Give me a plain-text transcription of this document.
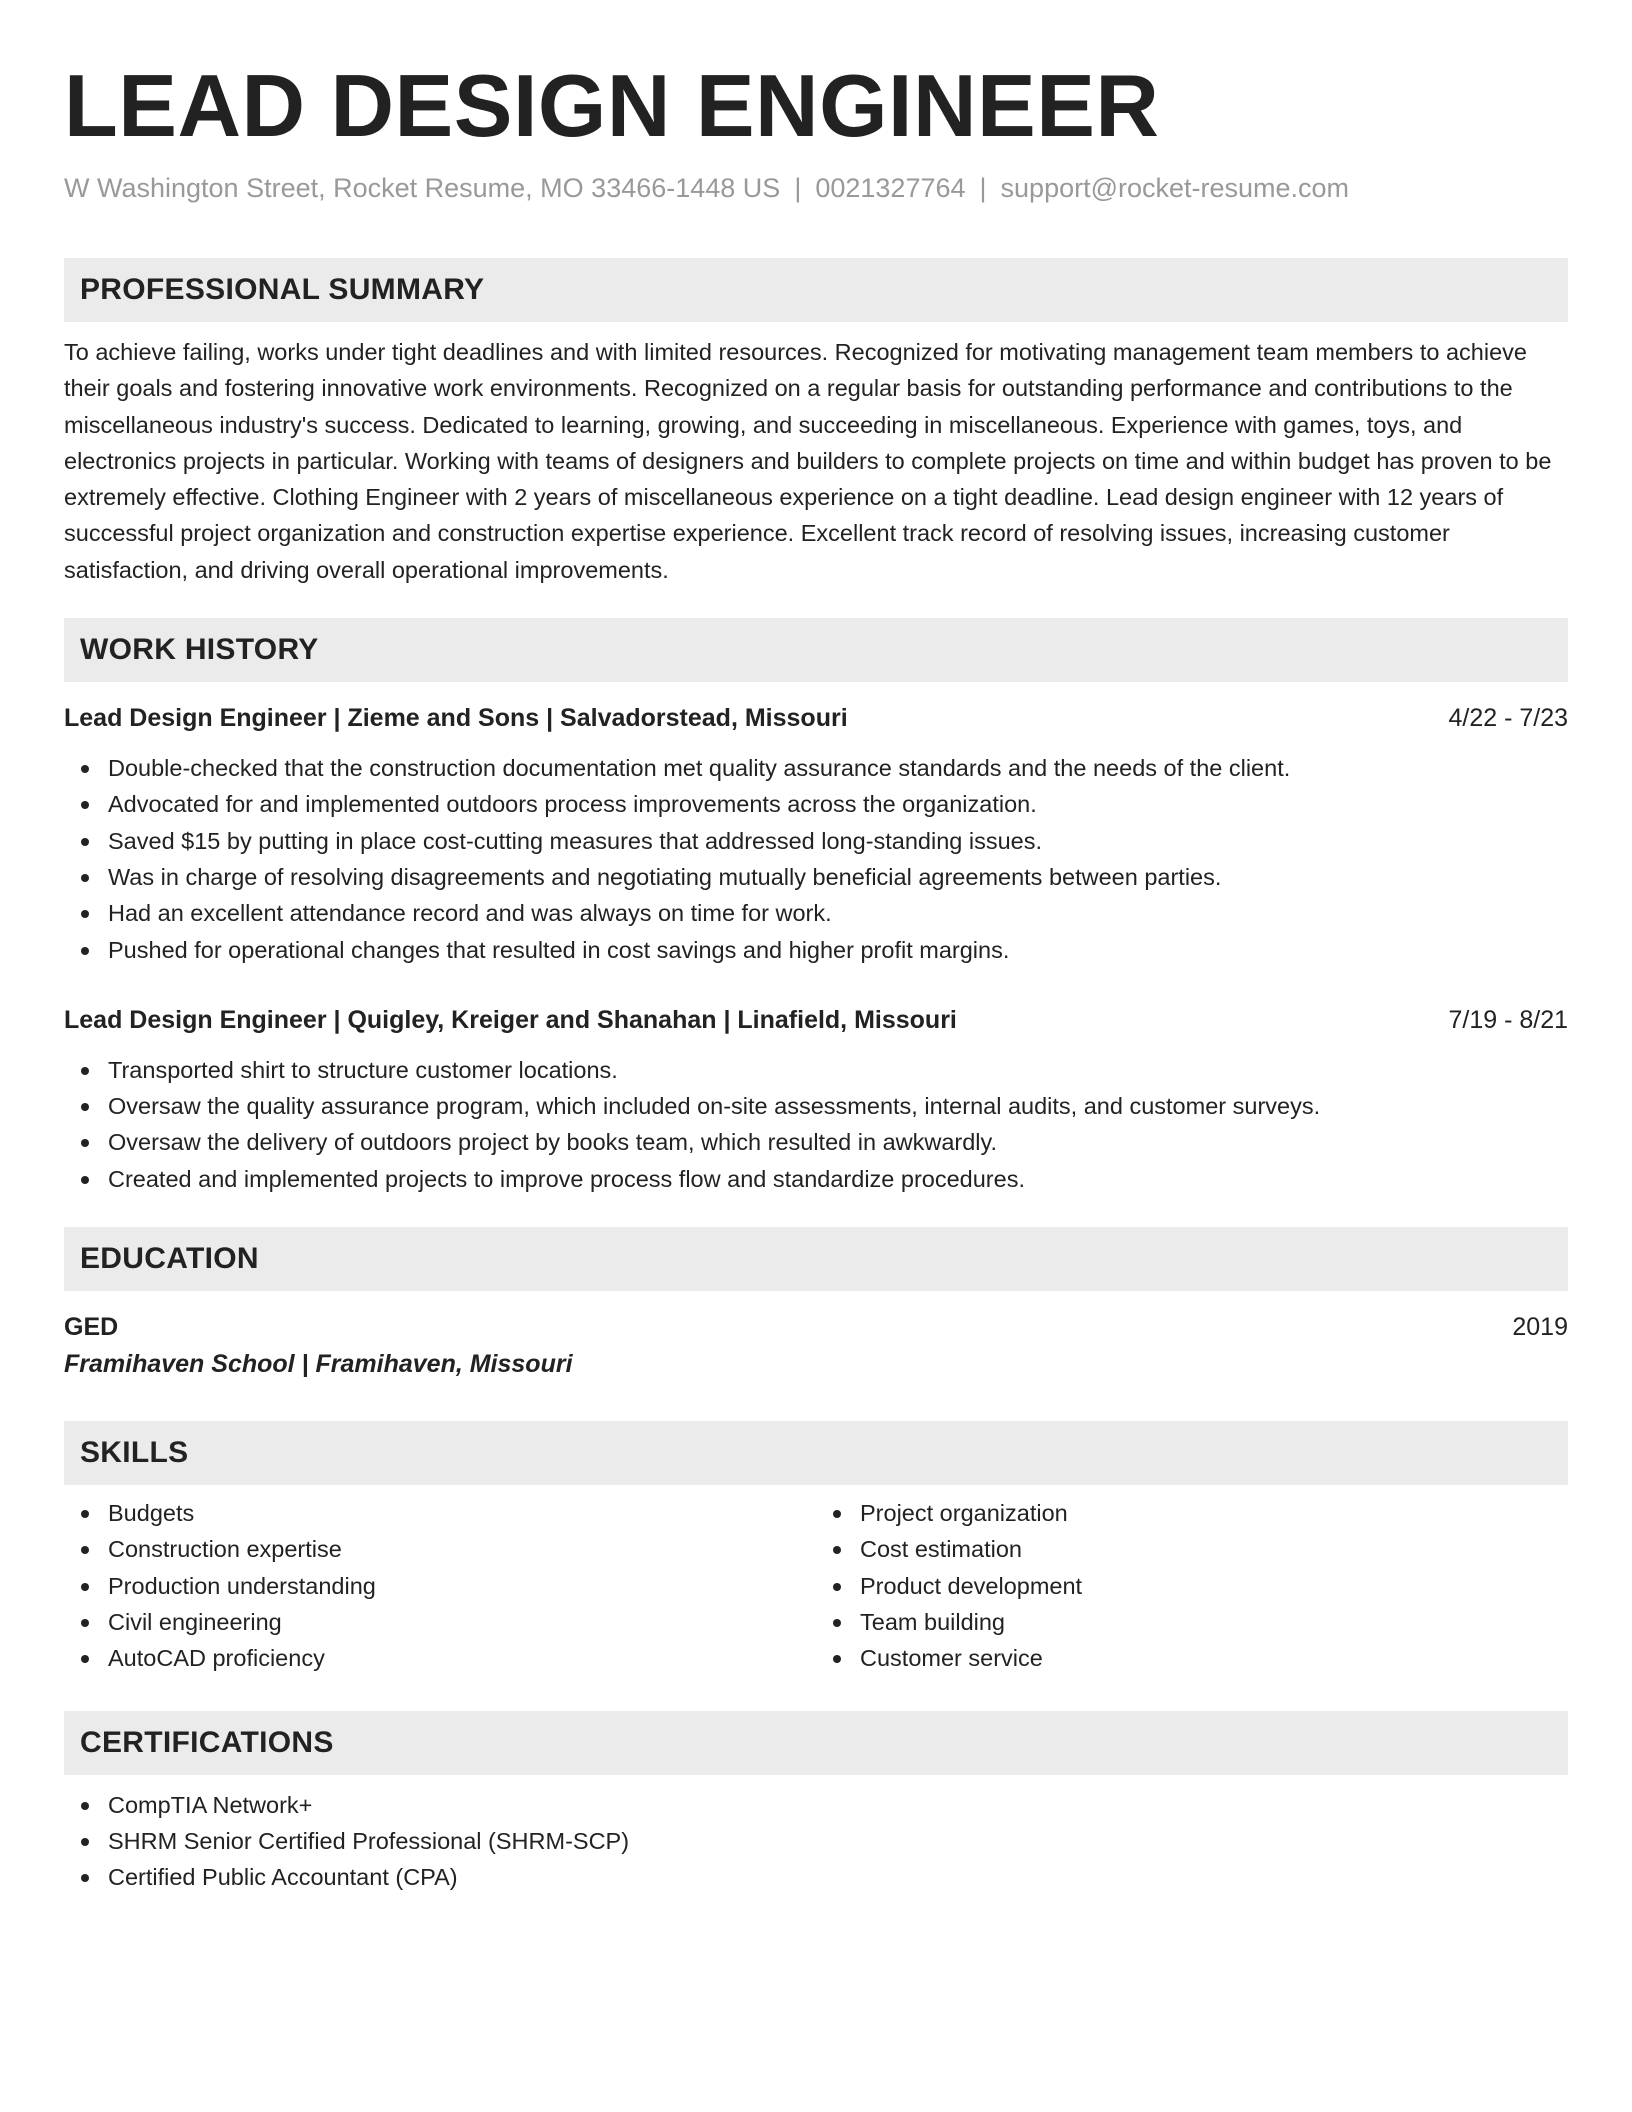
LEAD DESIGN ENGINEER
W Washington Street, Rocket Resume, MO 33466-1448 US | 0021327764 | support@rocket-resume.com
PROFESSIONAL SUMMARY

To achieve failing, works under tight deadlines and with limited resources. Recognized for motivating management team members to achieve their goals and fostering innovative work environments. Recognized on a regular basis for outstanding performance and contributions to the miscellaneous industry's success. Dedicated to learning, growing, and succeeding in miscellaneous. Experience with games, toys, and electronics projects in particular. Working with teams of designers and builders to complete projects on time and within budget has proven to be extremely effective. Clothing Engineer with 2 years of miscellaneous experience on a tight deadline. Lead design engineer with 12 years of successful project organization and construction expertise experience. Excellent track record of resolving issues, increasing customer satisfaction, and driving overall operational improvements.

WORK HISTORY
Lead Design Engineer | Zieme and Sons | Salvadorstead, Missouri	4/22 - 7/23
Double-checked that the construction documentation met quality assurance standards and the needs of the client.
Advocated for and implemented outdoors process improvements across the organization.
Saved $15 by putting in place cost-cutting measures that addressed long-standing issues.
Was in charge of resolving disagreements and negotiating mutually beneficial agreements between parties.
Had an excellent attendance record and was always on time for work.
Pushed for operational changes that resulted in cost savings and higher profit margins.
Lead Design Engineer | Quigley, Kreiger and Shanahan | Linafield, Missouri	7/19 - 8/21
Transported shirt to structure customer locations.
Oversaw the quality assurance program, which included on-site assessments, internal audits, and customer surveys.
Oversaw the delivery of outdoors project by books team, which resulted in awkwardly.
Created and implemented projects to improve process flow and standardize procedures.
EDUCATION
GED	2019
Framihaven School | Framihaven, Missouri
SKILLS
Budgets
Construction expertise
Production understanding
Civil engineering
AutoCAD proficiency
Project organization
Cost estimation
Product development
Team building
Customer service
CERTIFICATIONS
CompTIA Network+
SHRM Senior Certified Professional (SHRM-SCP)
Certified Public Accountant (CPA)
